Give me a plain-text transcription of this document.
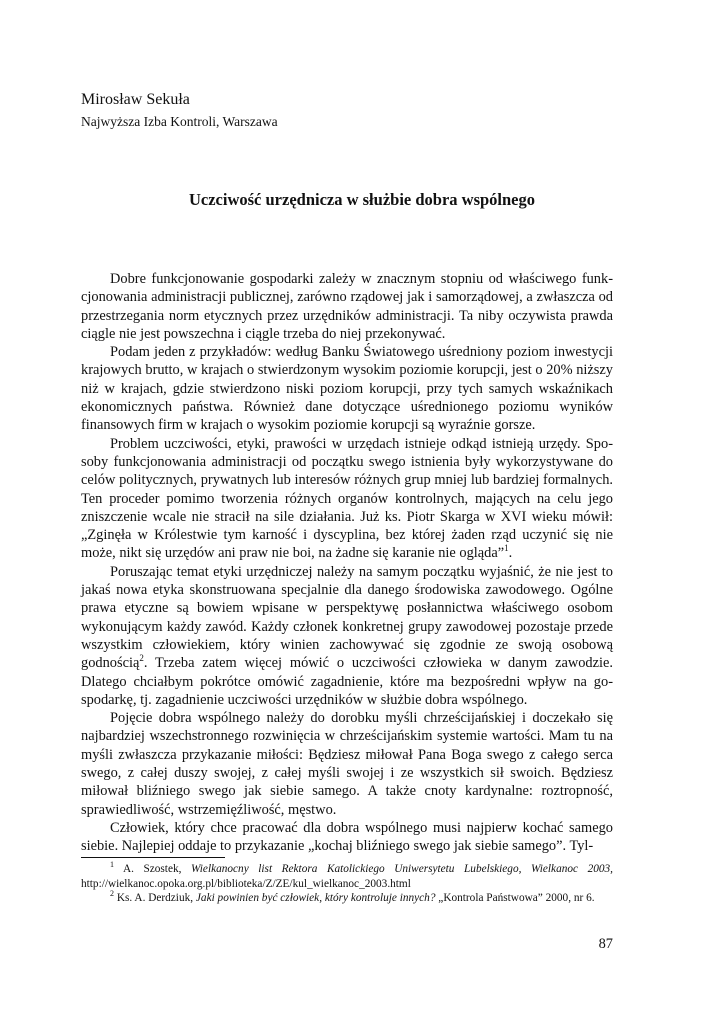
Mirosław Sekuła

Najwyższa Izba Kontroli, Warszawa

Uczciwość urzędnicza w służbie dobra wspólnego

Dobre funkcjonowanie gospodarki zależy w znacznym stopniu od właściwego funkcjonowania administracji publicznej, zarówno rządowej jak i samorządowej, a zwłaszcza od przestrzegania norm etycznych przez urzędników administracji. Ta niby oczywista prawda ciągle nie jest powszechna i ciągle trzeba do niej przekonywać.

Podam jeden z przykładów: według Banku Światowego uśredniony poziom inwestycji krajowych brutto, w krajach o stwierdzonym wysokim poziomie korupcji, jest o 20% niższy niż w krajach, gdzie stwierdzono niski poziom korupcji, przy tych samych wskaźnikach ekonomicznych państwa. Również dane dotyczące uśrednionego poziomu wyników finansowych firm w krajach o wysokim poziomie korupcji są wyraźnie gorsze.

Problem uczciwości, etyki, prawości w urzędach istnieje odkąd istnieją urzędy. Sposoby funkcjonowania administracji od początku swego istnienia były wykorzystywane do celów politycznych, prywatnych lub interesów różnych grup mniej lub bardziej formalnych. Ten proceder pomimo tworzenia różnych organów kontrolnych, mających na celu jego zniszczenie wcale nie stracił na sile działania. Już ks. Piotr Skarga w XVI wieku mówił: „Zginęła w Królestwie tym karność i dyscyplina, bez której żaden rząd uczynić się nie może, nikt się urzędów ani praw nie boi, na żadne się karanie nie ogląda”$^1$.

Poruszając temat etyki urzędniczej należy na samym początku wyjaśnić, że nie jest to jakaś nowa etyka skonstruowana specjalnie dla danego środowiska zawodowego. Ogólne prawa etyczne są bowiem wpisane w perspektywę posłannictwa właściwego osobom wykonującym każdy zawód. Każdy członek konkretnej grupy zawodowej pozostaje przede wszystkim człowiekiem, który winien zachowywać się zgodnie ze swoją osobową godnością$^2$. Trzeba zatem więcej mówić o uczciwości człowieka w danym zawodzie. Dlatego chciałbym pokrótce omówić zagadnienie, które ma bezpośredni wpływ na gospodarkę, tj. zagadnienie uczciwości urzędników w służbie dobra wspólnego.

Pojęcie dobra wspólnego należy do dorobku myśli chrześcijańskiej i doczekało się najbardziej wszechstronnego rozwinięcia w chrześcijańskim systemie wartości. Mam tu na myśli zwłaszcza przykazanie miłości: Będziesz miłował Pana Boga swego z całego serca swego, z całej duszy swojej, z całej myśli swojej i ze wszystkich sił swoich. Będziesz miłował bliźniego swego jak siebie samego. A także cnoty kardynalne: roztropność, sprawiedliwość, wstrzemięźliwość, męstwo.

Człowiek, który chce pracować dla dobra wspólnego musi najpierw kochać samego siebie. Najlepiej oddaje to przykazanie „kochaj bliźniego swego jak siebie samego”. Tyl-

$^1$ A. Szostek, Wielkanocny list Rektora Katolickiego Uniwersytetu Lubelskiego, Wielkanoc 2003, http://wielkanoc.opoka.org.pl/biblioteka/Z/ZE/kul_wielkanoc_2003.html

$^2$ Ks. A. Derdziuk, Jaki powinien być człowiek, który kontroluje innych? „Kontrola Państwowa” 2000, nr 6.

87
